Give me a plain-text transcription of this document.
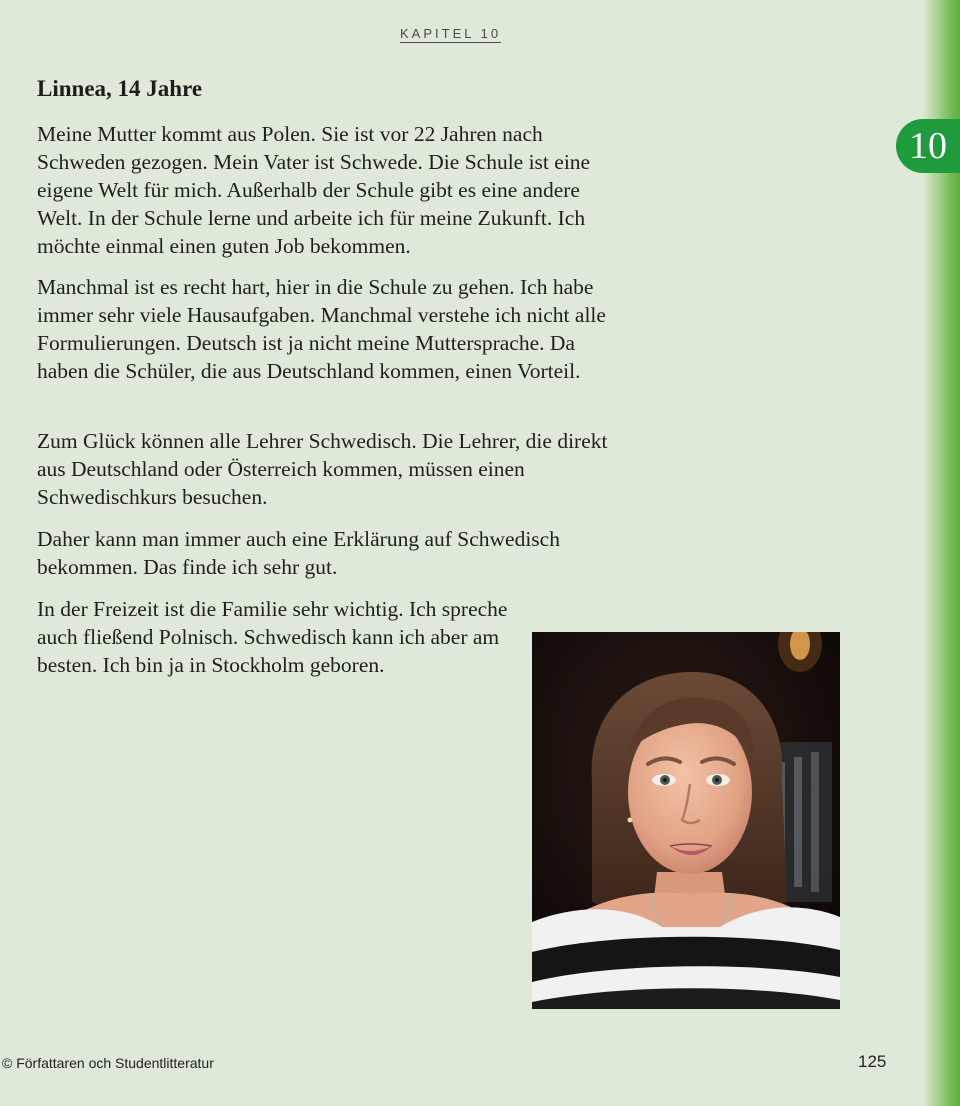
10
KAPITEL 10
Linnea, 14 Jahre

Meine Mutter kommt aus Polen. Sie ist vor 22 Jahren nach Schweden gezogen. Mein Vater ist Schwede. Die Schule ist eine eigene Welt für mich. Außerhalb der Schule gibt es eine andere Welt. In der Schule lerne und arbeite ich für meine Zukunft. Ich möchte einmal einen guten Job bekommen.

Manchmal ist es recht hart, hier in die Schule zu gehen. Ich habe immer sehr viele Hausaufgaben. Manchmal verstehe ich nicht alle Formulierungen. Deutsch ist ja nicht meine Muttersprache. Da haben die Schüler, die aus Deutschland kommen, einen Vorteil.

Zum Glück können alle Lehrer Schwedisch. Die Lehrer, die direkt aus Deutschland oder Österreich kommen, müssen einen Schwedischkurs besuchen.

Daher kann man immer auch eine Erklärung auf Schwedisch bekommen. Das finde ich sehr gut.

In der Freizeit ist die Familie sehr wichtig. Ich spreche auch fließend Polnisch. Schwedisch kann ich aber am besten. Ich bin ja in Stockholm geboren.

© Författaren och Studentlitteratur	125
